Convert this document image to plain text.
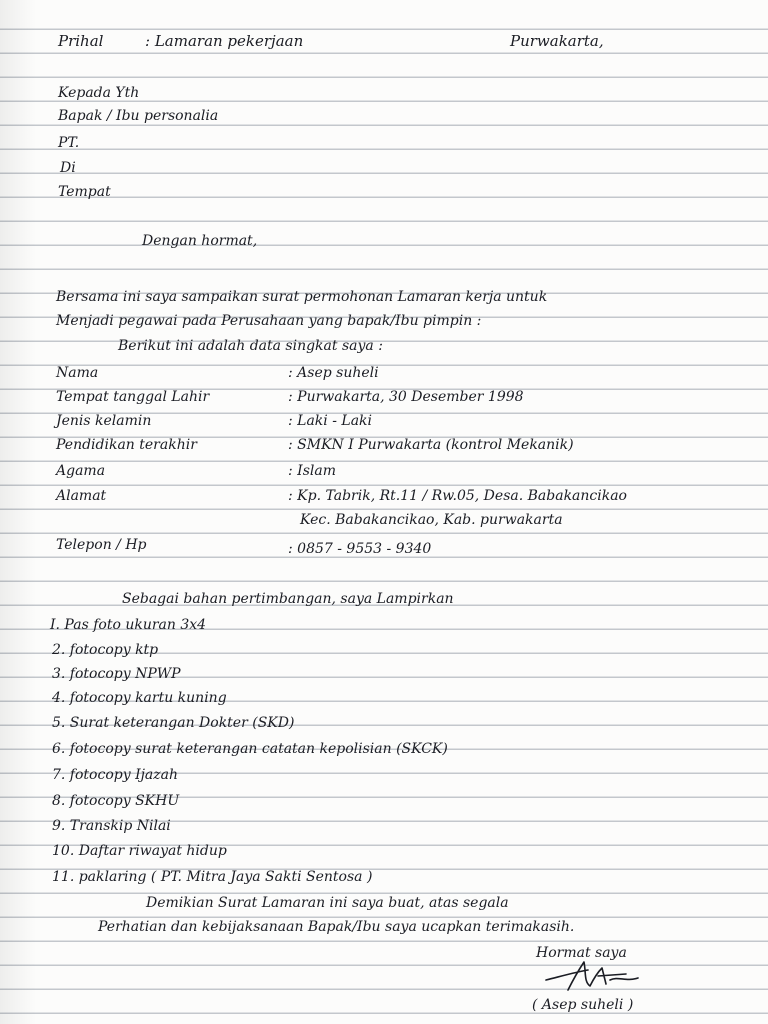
Prihal	: Lamaran pekerjaan	Purwakarta,
Kepada Yth
Bapak / Ibu personalia
PT.
Di
Tempat
Dengan hormat,
Bersama ini saya sampaikan surat permohonan Lamaran kerja untuk
Menjadi pegawai pada Perusahaan yang bapak/Ibu pimpin :
Berikut ini adalah data singkat saya :
Nama	: Asep suheli
Tempat tanggal Lahir	: Purwakarta, 30 Desember 1998
Jenis kelamin	: Laki - Laki
Pendidikan terakhir	: SMKN I Purwakarta (kontrol Mekanik)
Agama	: Islam
Alamat	: Kp. Tabrik, Rt.11 / Rw.05, Desa. Babakancikao
Kec. Babakancikao, Kab. purwakarta
Telepon / Hp	: 0857 - 9553 - 9340
Sebagai bahan pertimbangan, saya Lampirkan
I. Pas foto ukuran 3x4
2. fotocopy ktp
3. fotocopy NPWP
4. fotocopy kartu kuning
5. Surat keterangan Dokter (SKD)
6. fotocopy surat keterangan catatan kepolisian (SKCK)
7. fotocopy Ijazah
8. fotocopy SKHU
9. Transkip Nilai
10. Daftar riwayat hidup
11. paklaring ( PT. Mitra Jaya Sakti Sentosa )
Demikian Surat Lamaran ini saya buat, atas segala
Perhatian dan kebijaksanaan Bapak/Ibu saya ucapkan terimakasih.
Hormat saya
( Asep suheli )
